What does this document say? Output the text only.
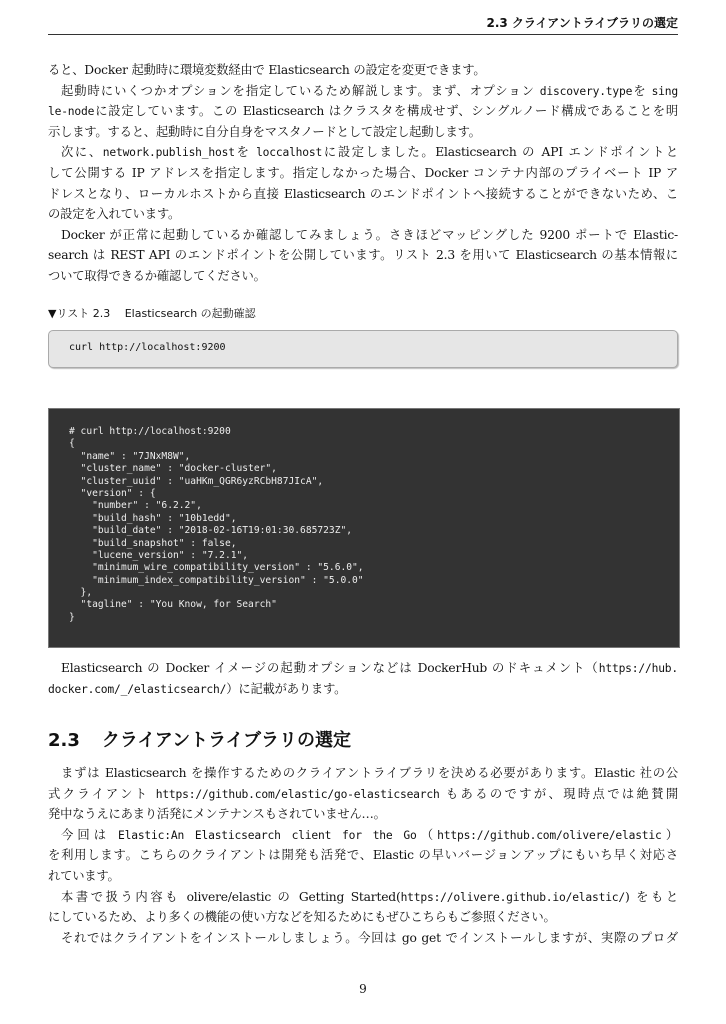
2.3 クライアントライブラリの選定
ると、Docker 起動時に環境変数経由で Elasticsearch の設定を変更できます。
起動時にいくつかオプションを指定しているため解説します。まず、オプション discovery.typeを sing
le-nodeに設定しています。この Elasticsearch はクラスタを構成せず、シングルノード構成であることを明
示します。すると、起動時に自分自身をマスタノードとして設定し起動します。
次に、network.publish_hostを loccalhostに設定しました。Elasticsearch の API エンドポイントと
して公開する IP アドレスを指定します。指定しなかった場合、Docker コンテナ内部のプライベート IP ア
ドレスとなり、ローカルホストから直接 Elasticsearch のエンドポイントへ接続することができないため、こ
の設定を入れています。
Docker が正常に起動しているか確認してみましょう。さきほどマッピングした 9200 ポートで Elastic-
search は REST API のエンドポイントを公開しています。リスト 2.3 を用いて Elasticsearch の基本情報に
ついて取得できるか確認してください。
▼リスト 2.3　 Elasticsearch の起動確認
curl http://localhost:9200
# curl http://localhost:9200
{
"name" : "7JNxM8W",
"cluster_name" : "docker-cluster",
"cluster_uuid" : "uaHKm_QGR6yzRCbH87JIcA",
"version" : {
"number" : "6.2.2",
"build_hash" : "10b1edd",
"build_date" : "2018-02-16T19:01:30.685723Z",
"build_snapshot" : false,
"lucene_version" : "7.2.1",
"minimum_wire_compatibility_version" : "5.6.0",
"minimum_index_compatibility_version" : "5.0.0"
},
"tagline" : "You Know, for Search"
}
Elasticsearch の Docker イメージの起動オプションなどは DockerHub のドキュメント（https://hub.
docker.com/_/elasticsearch/）に記載があります。
2.3 クライアントライブラリの選定
まずは Elasticsearch を操作するためのクライアントライブラリを決める必要があります。Elastic 社の公
式クライアント https://github.com/elastic/go-elasticsearch もあるのですが、現時点では絶賛開
発中なうえにあまり活発にメンテナンスもされていません…。
今回は Elastic:An Elasticsearch client for the Go（https://github.com/olivere/elastic）
を利用します。こちらのクライアントは開発も活発で、Elastic の早いバージョンアップにもいち早く対応さ
れています。
本書で扱う内容も olivere/elastic の Getting Started(https://olivere.github.io/elastic/) をもと
にしているため、より多くの機能の使い方などを知るためにもぜひこちらもご参照ください。
それではクライアントをインストールしましょう。今回は go get でインストールしますが、実際のプロダ
9
